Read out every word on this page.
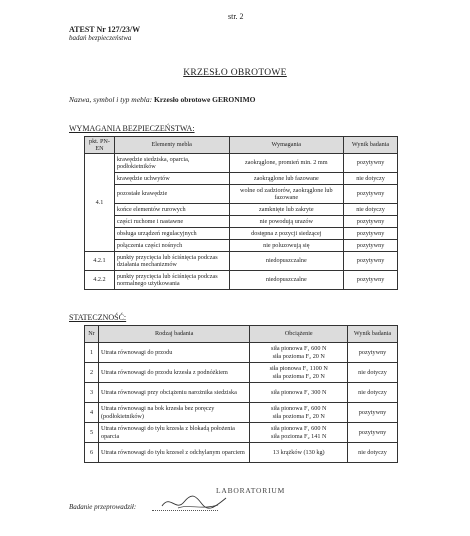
str. 2
ATEST Nr 127/23/W
badań bezpieczeństwa
KRZESŁO OBROTOWE
Nazwa, symbol i typ mebla: Krzesło obrotowe GERONIMO
WYMAGANIA BEZPIECZEŃSTWA:
pkt. PN-EN	Elementy mebla	Wymagania	Wynik badania
4.1	krawędzie siedziska, oparcia, podłokietników	zaokrąglone, promień min. 2 mm	pozytywny
	krawędzie uchwytów	zaokrąglone lub fazowane	nie dotyczy
	pozostałe krawędzie	wolne od zadziorów, zaokrąglone lub fazowane	pozytywny
	końce elementów rurowych	zamknięte lub zakryte	nie dotyczy
	części ruchome i nastawne	nie powodują urazów	pozytywny
	obsługa urządzeń regulacyjnych	dostępna z pozycji siedzącej	pozytywny
	połączenia części nośnych	nie poluzowują się	pozytywny
4.2.1	punkty przycięcia lub ściśnięcia podczas działania mechanizmów	niedopuszczalne	pozytywny
4.2.2	punkty przycięcia lub ściśnięcia podczas normalnego użytkowania	niedopuszczalne	pozytywny
STATECZNOŚĆ:
Nr	Rodzaj badania	Obciążenie	Wynik badania
1	Utrata równowagi do przodu	siła pionowa F₁ 600 N
siła pozioma F₂ 20 N	pozytywny
2	Utrata równowagi do przodu krzesła z podnóżkiem	siła pionowa F₁ 1100 N
siła pozioma F₂ 20 N	nie dotyczy
3	Utrata równowagi przy obciążeniu narożnika siedziska	siła pionowa F₁ 300 N	nie dotyczy
4	Utrata równowagi na bok krzesła bez poręczy (podłokietników)	siła pionowa F₁ 600 N
siła pozioma F₂ 20 N	pozytywny
5	Utrata równowagi do tyłu krzesła z blokadą położenia oparcia	siła pionowa F₁ 600 N
siła pozioma F₂ 141 N	pozytywny
6	Utrata równowagi do tyłu krzeseł z odchylanym oparciem	13 krążków (130 kg)	nie dotyczy
Badanie przeprowadził:
LABORATORIUM
